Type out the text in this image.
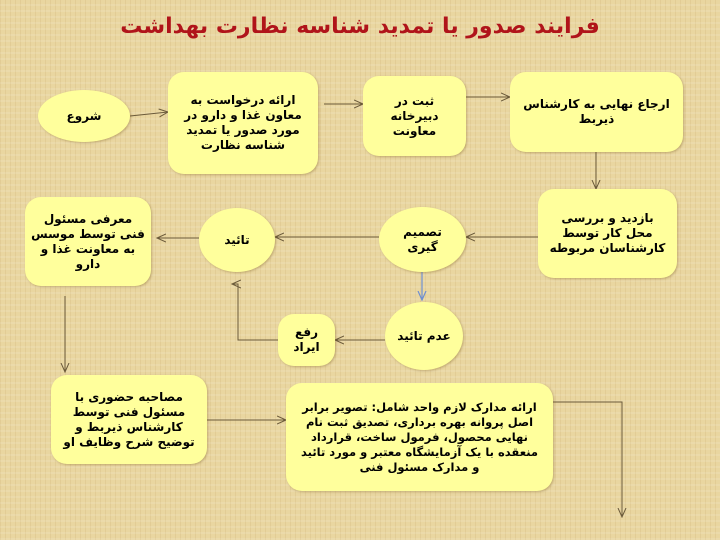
فرایند صدور یا تمدید شناسه نظارت بهداشت
شروع
ارائه درخواست به معاون غذا و دارو در مورد صدور یا تمدید شناسه نظارت
ثبت در دبیرخانه معاونت
ارجاع نهایی به کارشناس ذیربط
بازدید و بررسی محل کار توسط کارشناسان مربوطه
تصمیم گیری
تائید
معرفی مسئول فنی توسط موسس به معاونت غذا و دارو
عدم تائید
رفع ایراد
مصاحبه حضوری با مسئول فنی توسط کارشناس ذیربط و توضیح شرح وظایف او
ارائه مدارک لازم واحد شامل: تصویر برابر اصل پروانه بهره برداری، تصدیق ثبت نام نهایی محصول، فرمول ساخت، قرارداد منعقده با یک آزمایشگاه معتبر و مورد تائید و مدارک مسئول فنی
